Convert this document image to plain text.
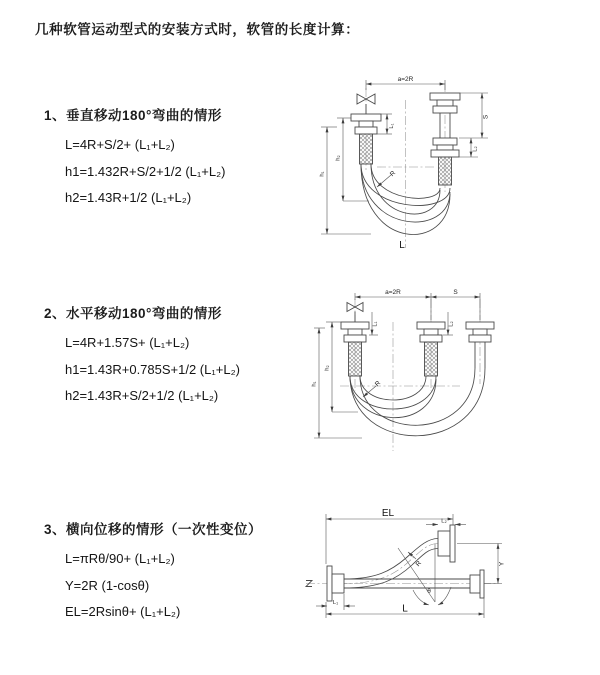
几种软管运动型式的安装方式时，软管的长度计算：
1、垂直移动180°弯曲的情形
L=4R+S/2+ (L₁+L₂)
h1=1.432R+S/2+1/2 (L₁+L₂)
h2=1.43R+1/2 (L₁+L₂)
2、水平移动180°弯曲的情形
L=4R+1.57S+ (L₁+L₂)
h1=1.43R+0.785S+1/2 (L₁+L₂)
h2=1.43R+S/2+1/2 (L₁+L₂)
3、横向位移的情形（一次性变位）
L=πRθ/90+ (L₁+L₂)
Y=2R (1-cosθ)
EL=2Rsinθ+ (L₁+L₂)
a=2R
L₁
S
L₂
h₂
h₁	R
L
a=2R	S
L₁	L₂
h₂
h₁	R
θ
EL
L₂
Y
L
L₁
R
